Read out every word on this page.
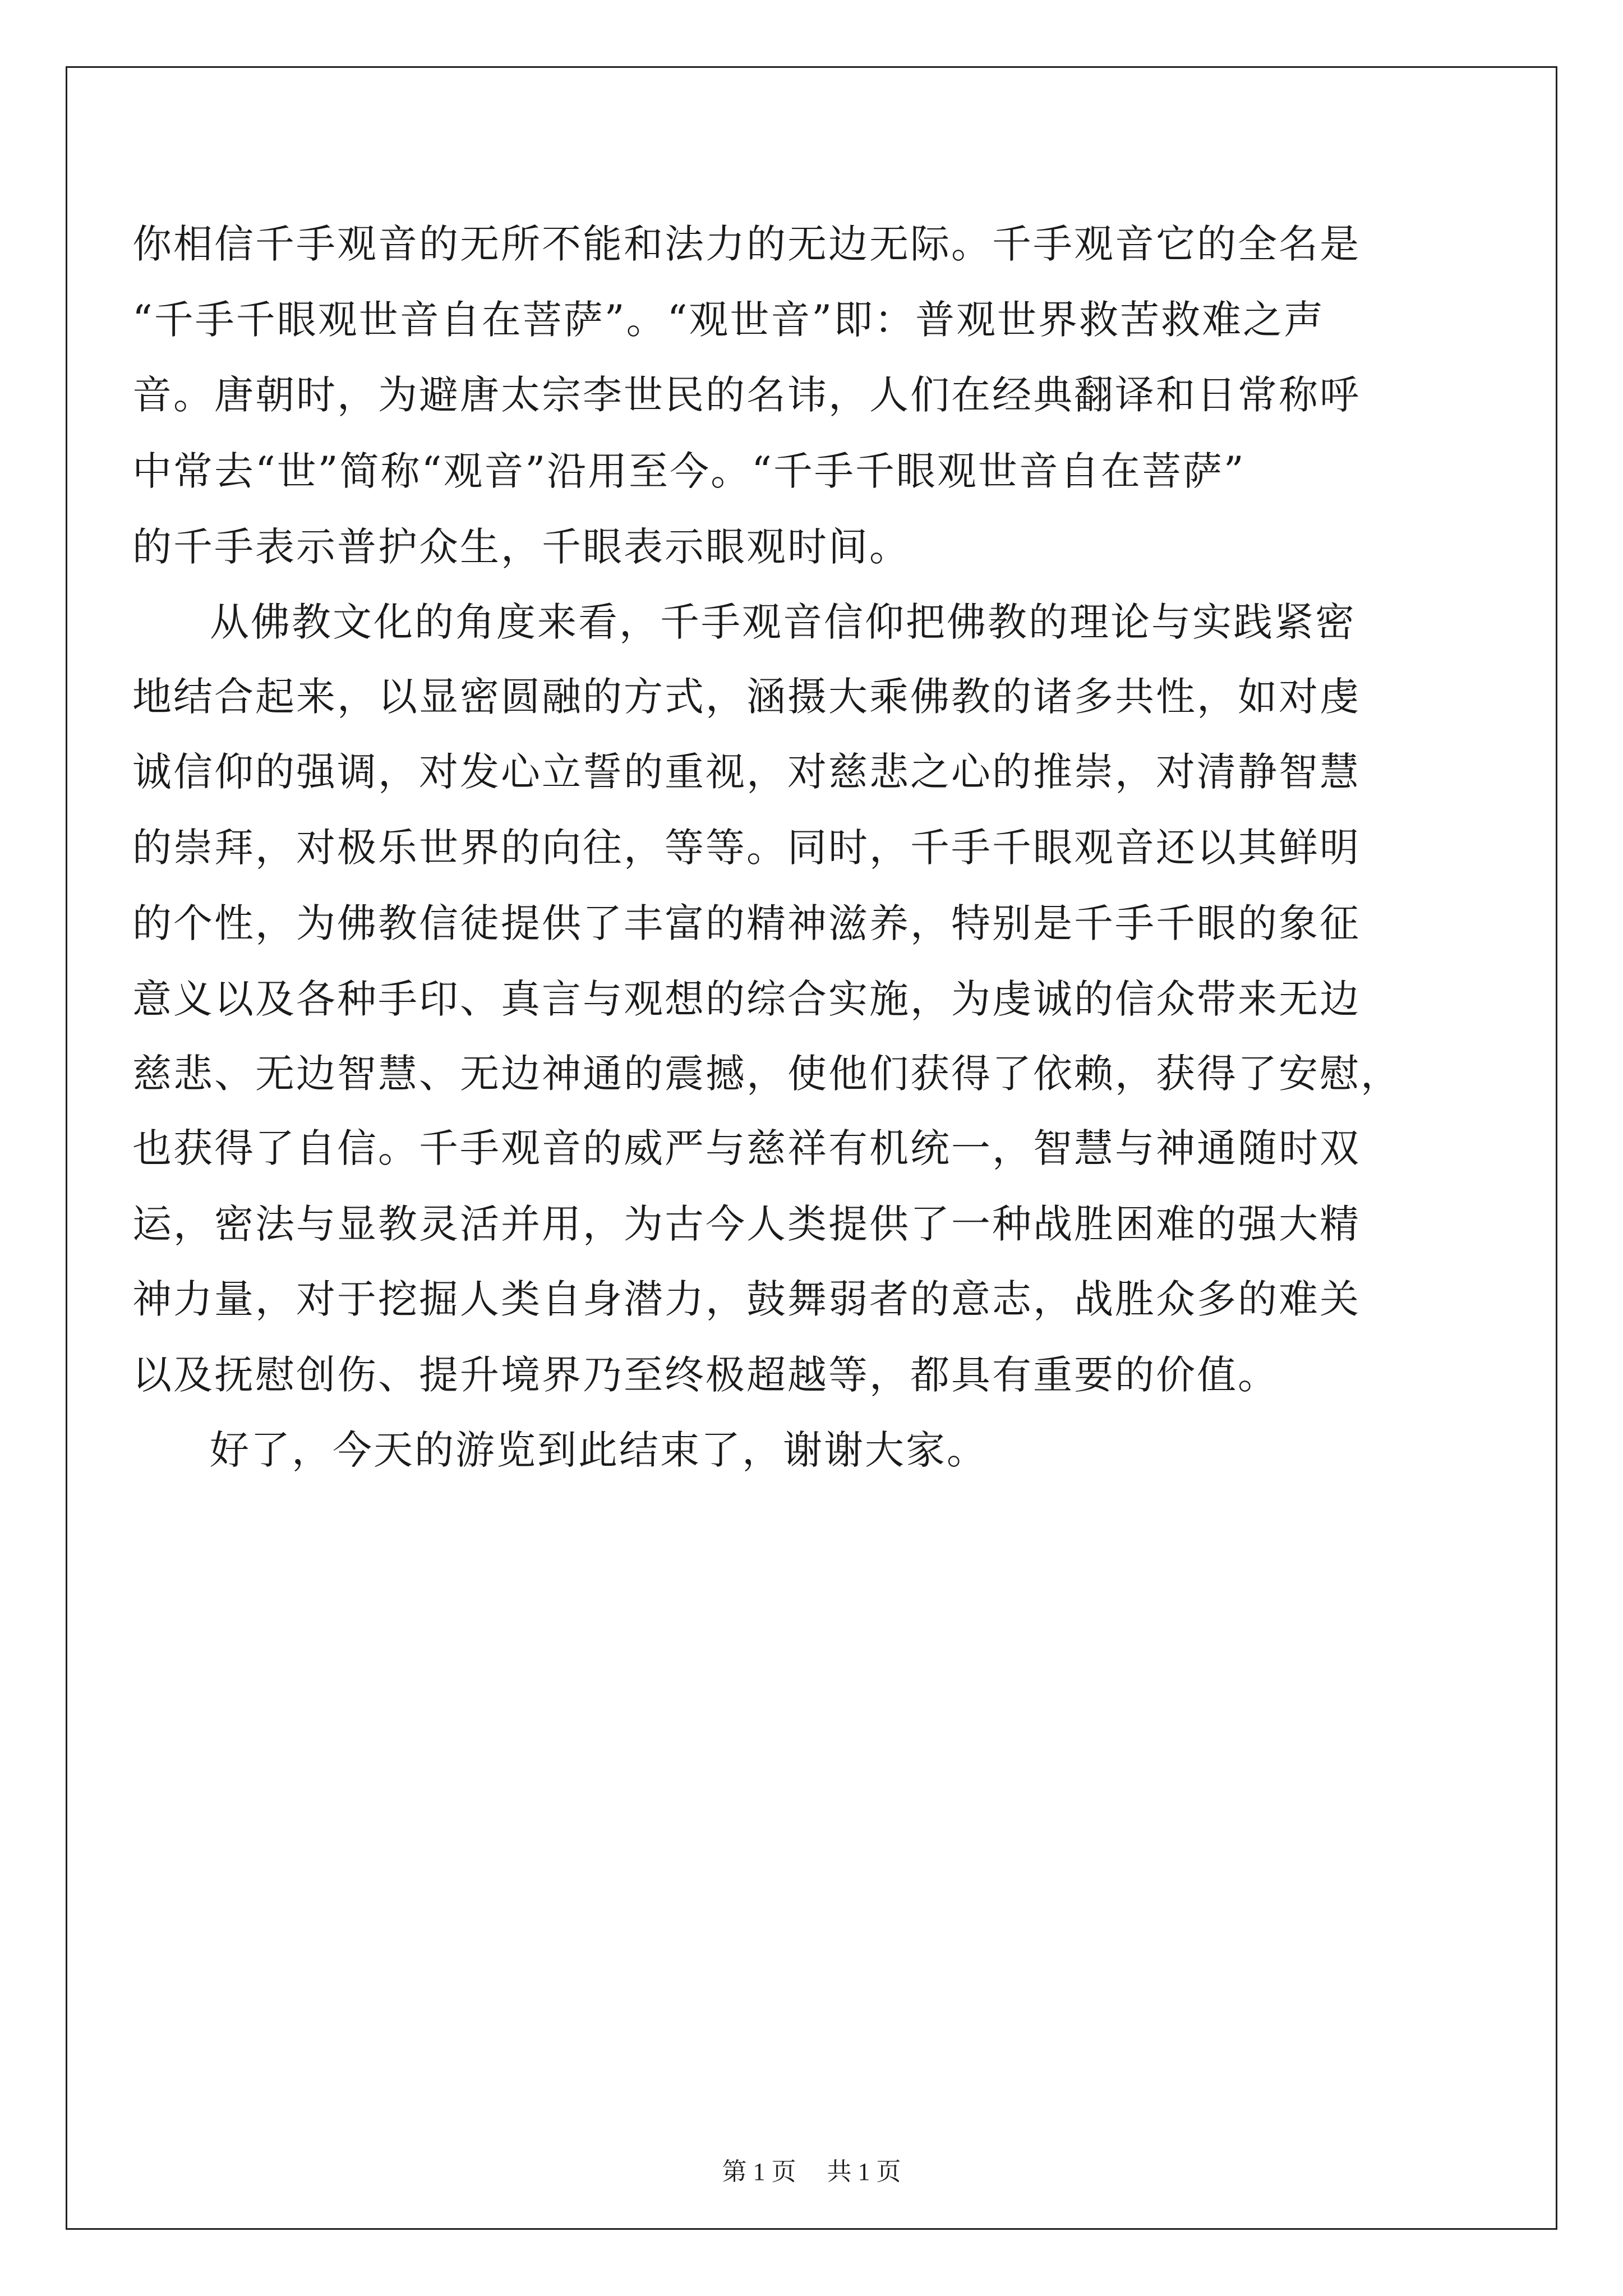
你相信千手观音的无所不能和法力的无边无际。千手观音它的全名是
“千手千眼观世音自在菩萨”。“观世音”即：普观世界救苦救难之声
音。唐朝时，为避唐太宗李世民的名讳，人们在经典翻译和日常称呼
中常去“世”简称“观音”沿用至今。“千手千眼观世音自在菩萨”
的千手表示普护众生，千眼表示眼观时间。
从佛教文化的角度来看，千手观音信仰把佛教的理论与实践紧密
地结合起来，以显密圆融的方式，涵摄大乘佛教的诸多共性，如对虔
诚信仰的强调，对发心立誓的重视，对慈悲之心的推崇，对清静智慧
的崇拜，对极乐世界的向往，等等。同时，千手千眼观音还以其鲜明
的个性，为佛教信徒提供了丰富的精神滋养，特别是千手千眼的象征
意义以及各种手印、真言与观想的综合实施，为虔诚的信众带来无边
慈悲、无边智慧、无边神通的震撼，使他们获得了依赖，获得了安慰，
也获得了自信。千手观音的威严与慈祥有机统一，智慧与神通随时双
运，密法与显教灵活并用，为古今人类提供了一种战胜困难的强大精
神力量，对于挖掘人类自身潜力，鼓舞弱者的意志，战胜众多的难关
以及抚慰创伤、提升境界乃至终极超越等，都具有重要的价值。
好了，今天的游览到此结束了，谢谢大家。
第 1 页　 共 1 页
